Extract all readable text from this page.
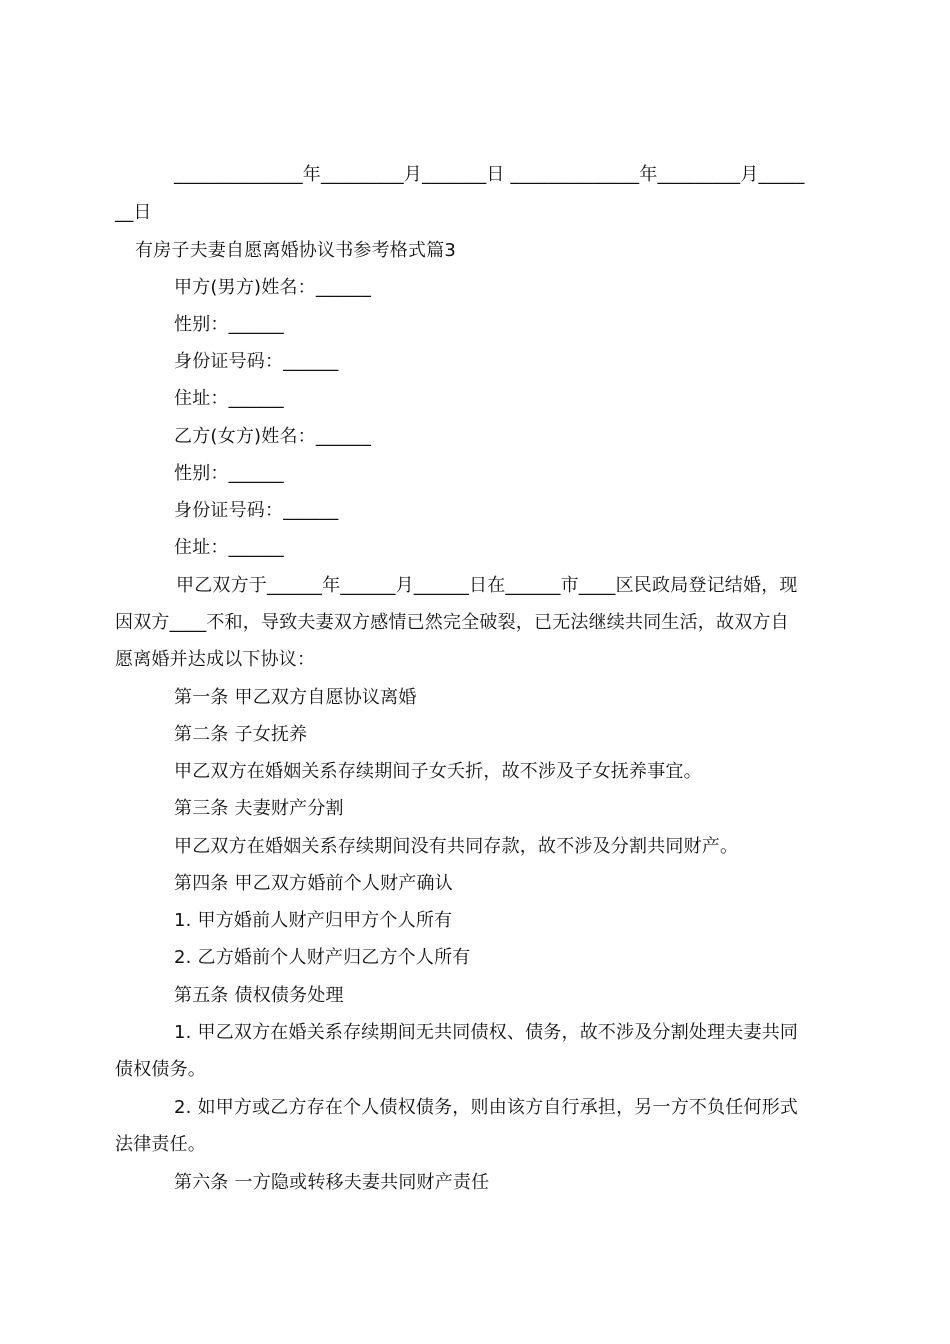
______________年_________月_______日 ______________年_________月_____
__日
有房子夫妻自愿离婚协议书参考格式篇3
甲方(男方)姓名：______
性别：______
身份证号码：______
住址：______
乙方(女方)姓名：______
性别：______
身份证号码：______
住址：______
甲乙双方于______年______月______日在______市____区民政局登记结婚，现
因双方____不和，导致夫妻双方感情已然完全破裂，已无法继续共同生活，故双方自
愿离婚并达成以下协议：
第一条 甲乙双方自愿协议离婚
第二条 子女抚养
甲乙双方在婚姻关系存续期间子女夭折，故不涉及子女抚养事宜。
第三条 夫妻财产分割
甲乙双方在婚姻关系存续期间没有共同存款，故不涉及分割共同财产。
第四条 甲乙双方婚前个人财产确认
1. 甲方婚前人财产归甲方个人所有
2. 乙方婚前个人财产归乙方个人所有
第五条 债权债务处理
1. 甲乙双方在婚关系存续期间无共同债权、债务，故不涉及分割处理夫妻共同
债权债务。
2. 如甲方或乙方存在个人债权债务，则由该方自行承担，另一方不负任何形式
法律责任。
第六条 一方隐或转移夫妻共同财产责任
